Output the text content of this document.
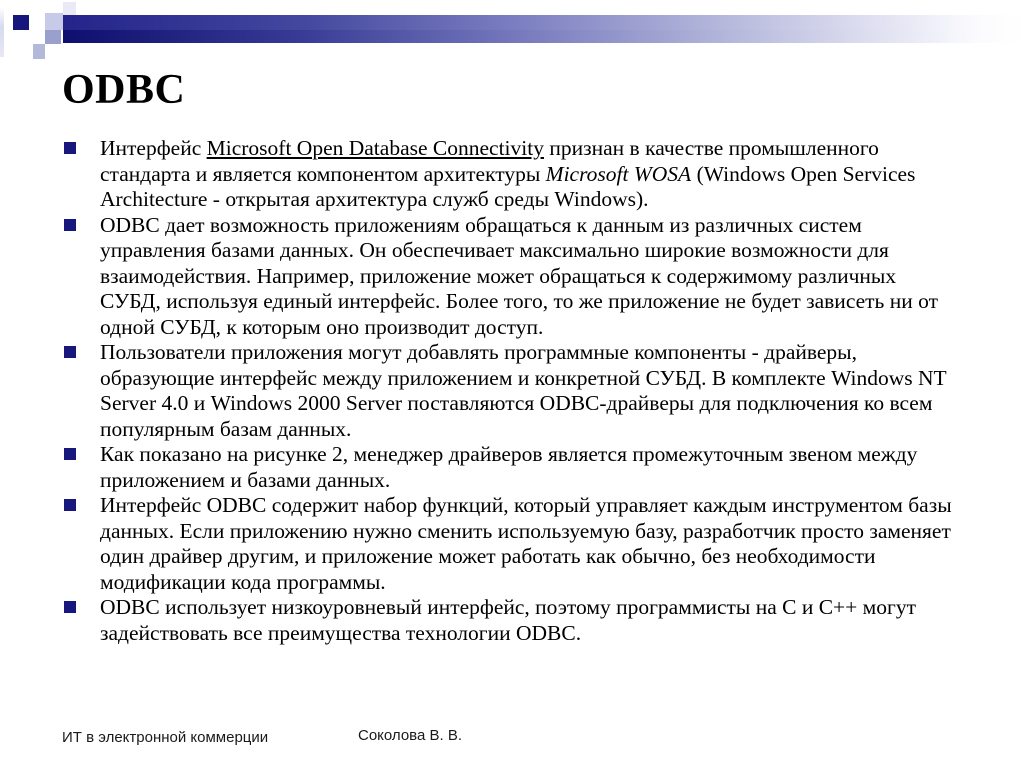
ODBC
Интерфейс Microsoft Open Database Connectivity признан в качестве промышленного стандарта и является компонентом архитектуры Microsoft WOSA (Windows Open Services Architecture - открытая архитектура служб среды Windows).
ODBC дает возможность приложениям обращаться к данным из различных систем управления базами данных. Он обеспечивает максимально широкие возможности для взаимодействия. Например, приложение может обращаться к содержимому различных СУБД, используя единый интерфейс. Более того, то же приложение не будет зависеть ни от одной СУБД, к которым оно производит доступ.
Пользователи приложения могут добавлять программные компоненты - драйверы, образующие интерфейс между приложением и конкретной СУБД. В комплекте Windows NT Server 4.0 и Windows 2000 Server поставляются ODBC-драйверы для подключения ко всем популярным базам данных.
Как показано на рисунке 2, менеджер драйверов является промежуточным звеном между приложением и базами данных.
Интерфейс ODBC содержит набор функций, который управляет каждым инструментом базы данных. Если приложению нужно сменить используемую базу, разработчик просто заменяет один драйвер другим, и приложение может работать как обычно, без необходимости модификации кода программы.
ODBC использует низкоуровневый интерфейс, поэтому программисты на C и C++ могут задействовать все преимущества технологии ODBC.
ИТ в электронной коммерции	Соколова В. В.
